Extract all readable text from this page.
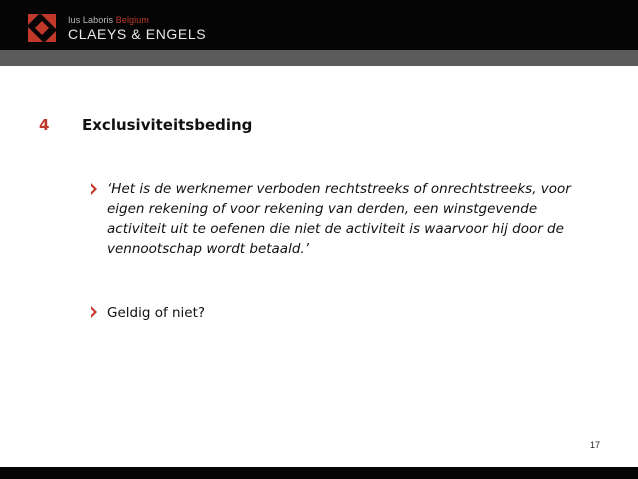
Ius Laboris Belgium
CLAEYS & ENGELS
4 Exclusiviteitsbeding
‘Het is de werknemer verboden rechtstreeks of onrechtstreeks, voor eigen rekening of voor rekening van derden, een winstgevende activiteit uit te oefenen die niet de activiteit is waarvoor hij door de vennootschap wordt betaald.’
Geldig of niet?
17
